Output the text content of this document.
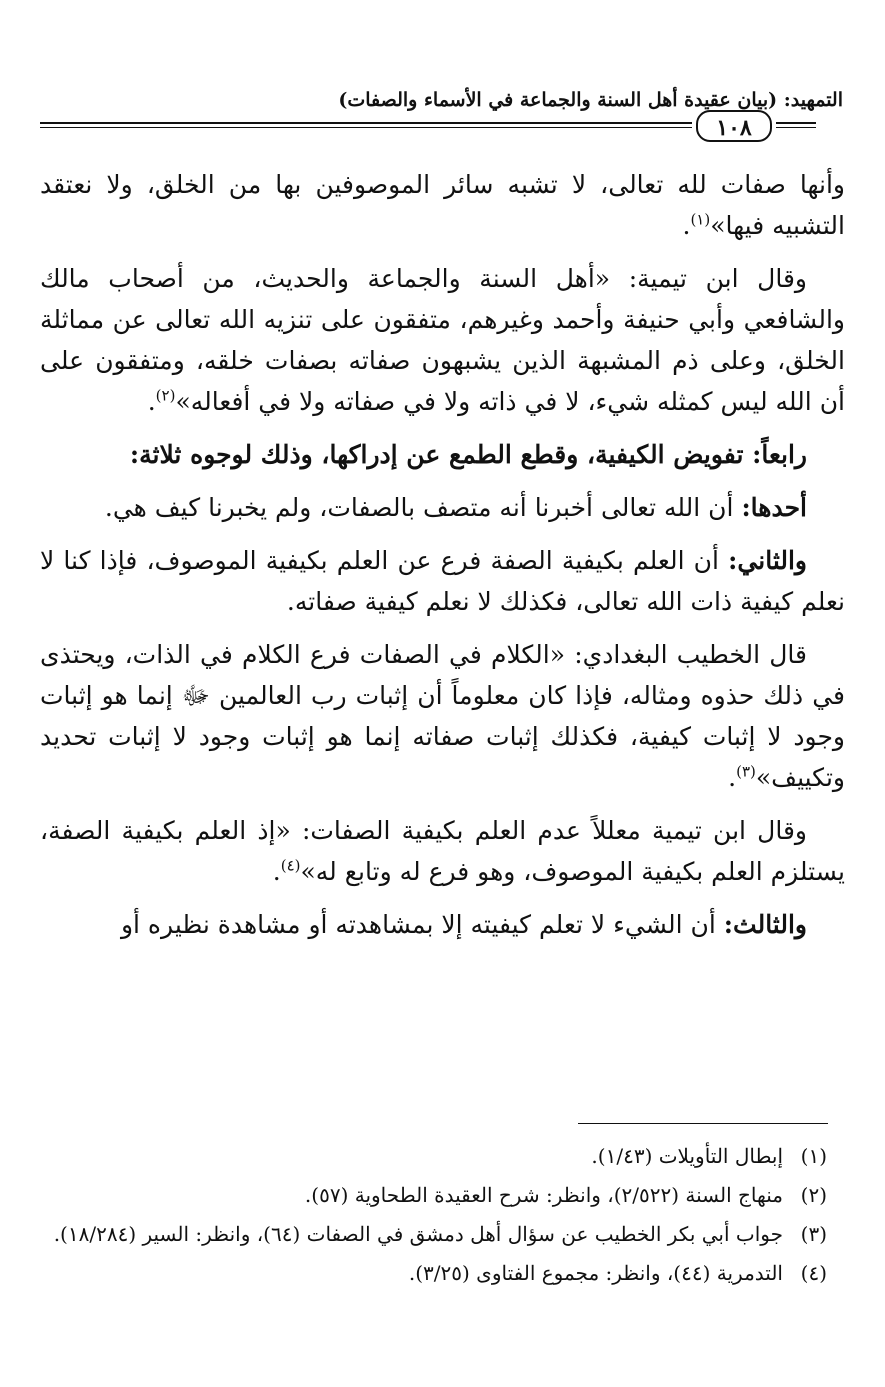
التمهيد: (بيان عقيدة أهل السنة والجماعة في الأسماء والصفات)
١٠٨

وأنها صفات لله تعالى، لا تشبه سائر الموصوفين بها من الخلق، ولا نعتقد التشبيه فيها»$^{(١)}$.

وقال ابن تيمية: «أهل السنة والجماعة والحديث، من أصحاب مالك والشافعي وأبي حنيفة وأحمد وغيرهم، متفقون على تنزيه الله تعالى عن مماثلة الخلق، وعلى ذم المشبهة الذين يشبهون صفاته بصفات خلقه، ومتفقون على أن الله ليس كمثله شيء، لا في ذاته ولا في صفاته ولا في أفعاله»$^{(٢)}$.

رابعاً: تفويض الكيفية، وقطع الطمع عن إدراكها، وذلك لوجوه ثلاثة:

أحدها: أن الله تعالى أخبرنا أنه متصف بالصفات، ولم يخبرنا كيف هي.

والثاني: أن العلم بكيفية الصفة فرع عن العلم بكيفية الموصوف، فإذا كنا لا نعلم كيفية ذات الله تعالى، فكذلك لا نعلم كيفية صفاته.

قال الخطيب البغدادي: «الكلام في الصفات فرع الكلام في الذات، ويحتذى في ذلك حذوه ومثاله، فإذا كان معلوماً أن إثبات رب العالمين ﷻ إنما هو إثبات وجود لا إثبات كيفية، فكذلك إثبات صفاته إنما هو إثبات وجود لا إثبات تحديد وتكييف»$^{(٣)}$.

وقال ابن تيمية معللاً عدم العلم بكيفية الصفات: «إذ العلم بكيفية الصفة، يستلزم العلم بكيفية الموصوف، وهو فرع له وتابع له»$^{(٤)}$.

والثالث: أن الشيء لا تعلم كيفيته إلا بمشاهدته أو مشاهدة نظيره أو

(١)
إبطال التأويلات (١/٤٣).
(٢)
منهاج السنة (٢/٥٢٢)، وانظر: شرح العقيدة الطحاوية (٥٧).
(٣)
جواب أبي بكر الخطيب عن سؤال أهل دمشق في الصفات (٦٤)، وانظر: السير (١٨/٢٨٤).
(٤)
التدمرية (٤٤)، وانظر: مجموع الفتاوى (٣/٢٥).
